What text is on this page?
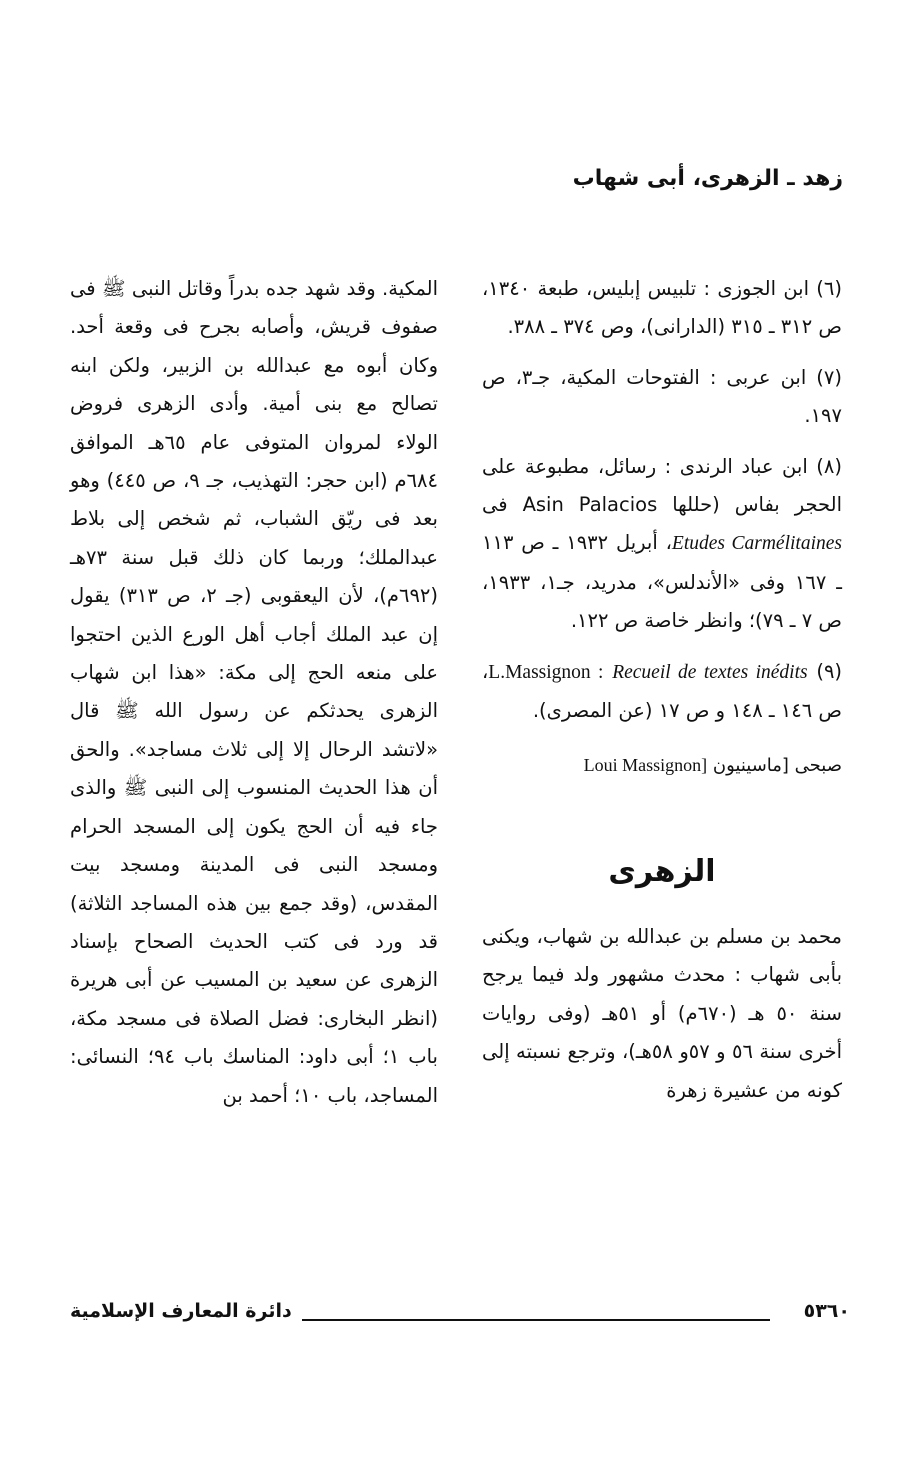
زهد ـ الزهرى، أبى شهاب

(٦) ابن الجوزى : تلبيس إبليس، طبعة ١٣٤٠، ص ٣١٢ ـ ٣١٥ (الدارانى)، وص ٣٧٤ ـ ٣٨٨.

(٧) ابن عربى : الفتوحات المكية، جـ٣، ص ١٩٧.

(٨) ابن عباد الرندى : رسائل، مطبوعة على الحجر بفاس (حللها Asin Palacios فى Etudes Carmélitaines، أبريل ١٩٣٢ ـ ص ١١٣ ـ ١٦٧ وفى «الأندلس»، مدريد، جـ١، ١٩٣٣، ص ٧ ـ ٧٩)؛ وانظر خاصة ص ١٢٢.

(٩) L.Massignon : Recueil de textes inédits، ص ١٤٦ ـ ١٤٨ و ص ١٧ (عن المصرى).

صبحى [ماسينيون Loui Massignon]

الزهرى

محمد بن مسلم بن عبدالله بن شهاب، ويكنى بأبى شهاب : محدث مشهور ولد فيما يرجح سنة ٥٠ هـ (٦٧٠م) أو ٥١هـ (وفى روايات أخرى سنة ٥٦ و ٥٧و ٥٨هـ)، وترجع نسبته إلى كونه من عشيرة زهرة

المكية. وقد شهد جده بدراً وقاتل النبى ﷺ فى صفوف قريش، وأصابه بجرح فى وقعة أحد. وكان أبوه مع عبدالله بن الزبير، ولكن ابنه تصالح مع بنى أمية. وأدى الزهرى فروض الولاء لمروان المتوفى عام ٦٥هـ الموافق ٦٨٤م (ابن حجر: التهذيب، جـ ٩، ص ٤٤٥) وهو بعد فى ريّق الشباب، ثم شخص إلى بلاط عبدالملك؛ وربما كان ذلك قبل سنة ٧٣هـ (٦٩٢م)، لأن اليعقوبى (جـ ٢، ص ٣١٣) يقول إن عبد الملك أجاب أهل الورع الذين احتجوا على منعه الحج إلى مكة: «هذا ابن شهاب الزهرى يحدثكم عن رسول الله ﷺ قال «لاتشد الرحال إلا إلى ثلاث مساجد». والحق أن هذا الحديث المنسوب إلى النبى ﷺ والذى جاء فيه أن الحج يكون إلى المسجد الحرام ومسجد النبى فى المدينة ومسجد بيت المقدس، (وقد جمع بين هذه المساجد الثلاثة) قد ورد فى كتب الحديث الصحاح بإسناد الزهرى عن سعيد بن المسيب عن أبى هريرة (انظر البخارى: فضل الصلاة فى مسجد مكة، باب ١؛ أبى داود: المناسك باب ٩٤؛ النسائى: المساجد، باب ١٠؛ أحمد بن

دائرة المعارف الإسلامية	٥٣٦٠
